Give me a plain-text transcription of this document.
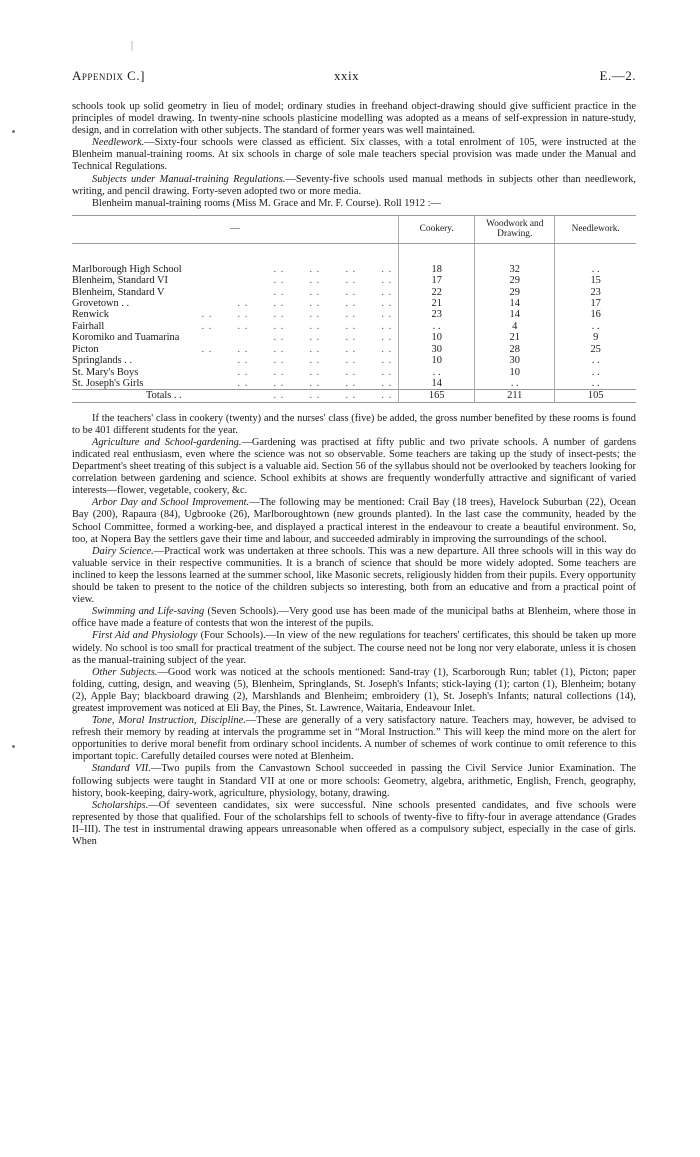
|
Appendix C.]	xxix	E.—2.

schools took up solid geometry in lieu of model; ordinary studies in freehand object-drawing should give sufficient practice in the principles of model drawing. In twenty-nine schools plasticine modelling was adopted as a means of self-expression in nature-study, design, and in correlation with other subjects. The standard of former years was well maintained.

Needlework.—Sixty-four schools were classed as efficient. Six classes, with a total enrolment of 105, were instructed at the Blenheim manual-training rooms. At six schools in charge of sole male teachers special provision was made under the Manual and Technical Regulations.

Subjects under Manual-training Regulations.—Seventy-five schools used manual methods in subjects other than needlework, writing, and pencil drawing. Forty-seven adopted two or more media.

Blenheim manual-training rooms (Miss M. Grace and Mr. F. Course). Roll 1912 :—

—	Cookery.	Woodwork and Drawing.	Needlework.

Marlborough High School . .       . .       . .       . .	18	32	. .
Blenheim, Standard VI . .       . .       . .       . .	17	29	15
Blenheim, Standard V . .       . .       . .       . .	22	29	23
Grovetown . . . .       . .       . .       . .       . .	21	14	17
Renwick . .       . .       . .       . .       . .       . .	23	14	16
Fairhall . .       . .       . .       . .       . .       . .	. .	4	. .
Koromiko and Tuamarina . .       . .       . .       . .	10	21	9
Picton . .       . .       . .       . .       . .       . .	30	28	25
Springlands . . . .       . .       . .       . .       . .	10	30	. .
St. Mary's Boys . .       . .       . .       . .       . .	. .	10	. .
St. Joseph's Girls . .       . .       . .       . .       . .	14	. .	. .
Totals . . . .       . .       . .       . .	165	211	105

If the teachers' class in cookery (twenty) and the nurses' class (five) be added, the gross number benefited by these rooms is found to be 401 different students for the year.

Agriculture and School-gardening.—Gardening was practised at fifty public and two private schools. A number of gardens indicated real enthusiasm, even where the science was not so observable. Some teachers are taking up the study of insect-pests; the Department's sheet treating of this subject is a valuable aid. Section 56 of the syllabus should not be overlooked by teachers looking for correlation between gardening and science. School exhibits at shows are frequently wonderfully attractive and significant of varied interests—flower, vegetable, cookery, &c.

Arbor Day and School Improvement.—The following may be mentioned: Crail Bay (18 trees), Havelock Suburban (22), Ocean Bay (200), Rapaura (84), Ugbrooke (26), Marlboroughtown (new grounds planted). In the last case the community, headed by the School Committee, formed a working-bee, and displayed a practical interest in the endeavour to create a beautiful environment. So, too, at Nopera Bay the settlers gave their time and labour, and succeeded admirably in improving the surroundings of the school.

Dairy Science.—Practical work was undertaken at three schools. This was a new departure. All three schools will in this way do valuable service in their respective communities. It is a branch of science that should be more widely adopted. Some teachers are inclined to keep the lessons learned at the summer school, like Masonic secrets, religiously hidden from their pupils. Every opportunity should be taken to present to the notice of the children subjects so interesting, both from an educative and from a practical point of view.

Swimming and Life-saving (Seven Schools).—Very good use has been made of the municipal baths at Blenheim, where those in office have made a feature of contests that won the interest of the pupils.

First Aid and Physiology (Four Schools).—In view of the new regulations for teachers' certificates, this should be taken up more widely. No school is too small for practical treatment of the subject. The course need not be long nor very elaborate, unless it is chosen as the manual-training subject of the year.

Other Subjects.—Good work was noticed at the schools mentioned: Sand-tray (1), Scarborough Run; tablet (1), Picton; paper folding, cutting, design, and weaving (5), Blenheim, Springlands, St. Joseph's Infants; stick-laying (1); carton (1), Blenheim; botany (2), Apple Bay; blackboard drawing (2), Marshlands and Blenheim; embroidery (1), St. Joseph's Infants; natural collections (14), greatest improvement was noticed at Eli Bay, the Pines, St. Lawrence, Waitaria, Endeavour Inlet.

Tone, Moral Instruction, Discipline.—These are generally of a very satisfactory nature. Teachers may, however, be advised to refresh their memory by reading at intervals the programme set in “Moral Instruction.” This will keep the mind more on the alert for opportunities to derive moral benefit from ordinary school incidents. A number of schemes of work continue to omit reference to this important topic. Carefully detailed courses were noted at Blenheim.

Standard VII.—Two pupils from the Canvastown School succeeded in passing the Civil Service Junior Examination. The following subjects were taught in Standard VII at one or more schools: Geometry, algebra, arithmetic, English, French, geography, history, book-keeping, dairy-work, agriculture, physiology, botany, drawing.

Scholarships.—Of seventeen candidates, six were successful. Nine schools presented candidates, and five schools were represented by those that qualified. Four of the scholarships fell to schools of twenty-five to fifty-four in average attendance (Grades II–III). The test in instrumental drawing appears unreasonable when offered as a compulsory subject, especially in the case of girls. When
